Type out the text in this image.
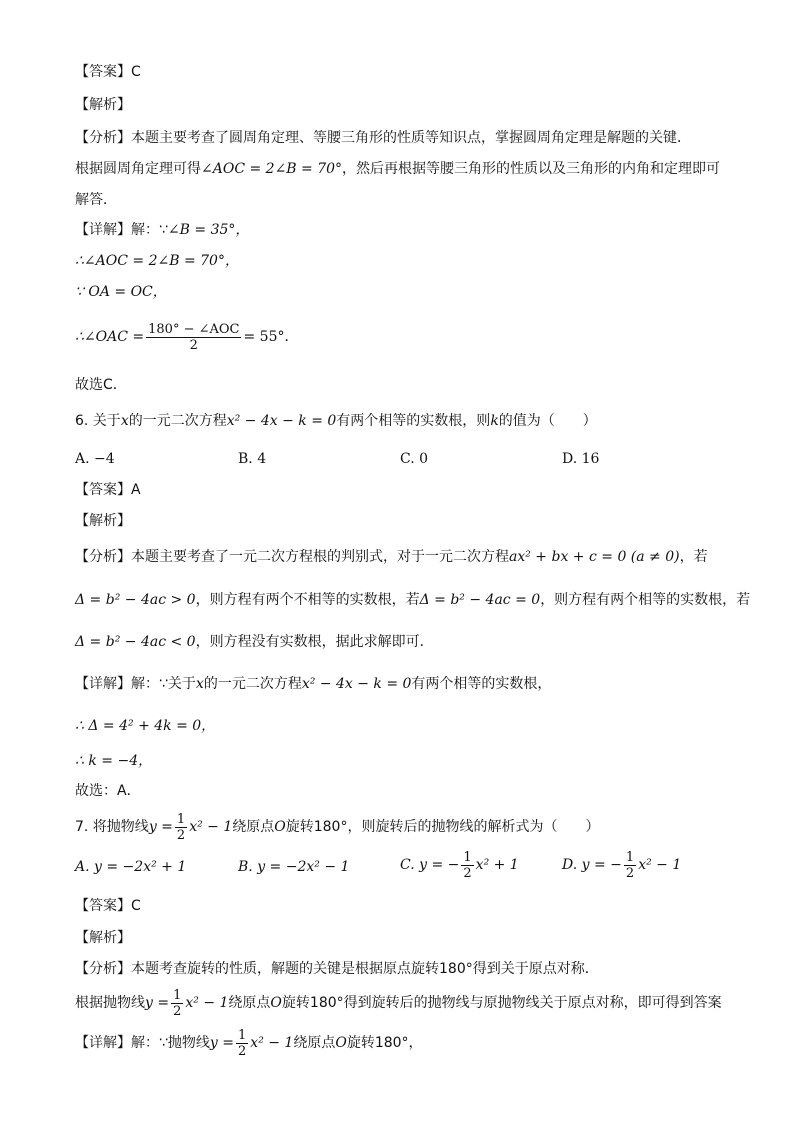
【答案】C
【解析】
【分析】本题主要考查了圆周角定理、等腰三角形的性质等知识点，掌握圆周角定理是解题的关键．
根据圆周角定理可得∠AOC = 2∠B = 70°，然后再根据等腰三角形的性质以及三角形的内角和定理即可
解答．
【详解】解：∵∠B = 35°，
∴∠AOC = 2∠B = 70°，
∵ OA = OC，
∴∠OAC = 180° − ∠AOC
2	= 55°．
故选C．
6. 关于x的一元二次方程x² − 4x − k = 0有两个相等的实数根，则k的值为（　　）
A. −4	B. 4	C. 0	D. 16
【答案】A
【解析】
【分析】本题主要考查了一元二次方程根的判别式，对于一元二次方程ax² + bx + c = 0 (a ≠ 0)，若
Δ = b² − 4ac > 0，则方程有两个不相等的实数根，若Δ = b² − 4ac = 0，则方程有两个相等的实数根，若
Δ = b² − 4ac < 0，则方程没有实数根，据此求解即可．
【详解】解：∵关于x的一元二次方程x² − 4x − k = 0有两个相等的实数根，
∴ Δ = 4² + 4k = 0，
∴ k = −4，
故选：A．
7. 将抛物线$y = \frac{1}{2} x^2 - 1$绕原点O旋转180°，则旋转后的抛物线的解析式为（　　）
A. y = −2x² + 1	B. y = −2x² − 1	C. y = − $\frac{1}{2} x^2 + 1$	D. y = − $\frac{1}{2} x^2 - 1$
【答案】C
【解析】
【分析】本题考查旋转的性质，解题的关键是根据原点旋转180°得到关于原点对称．
根据抛物线$y = \frac{1}{2} x^2 - 1$绕原点O旋转180°得到旋转后的抛物线与原抛物线关于原点对称，即可得到答案
【详解】解：∵抛物线$y = \frac{1}{2} x^2 - 1$绕原点O旋转180°，
